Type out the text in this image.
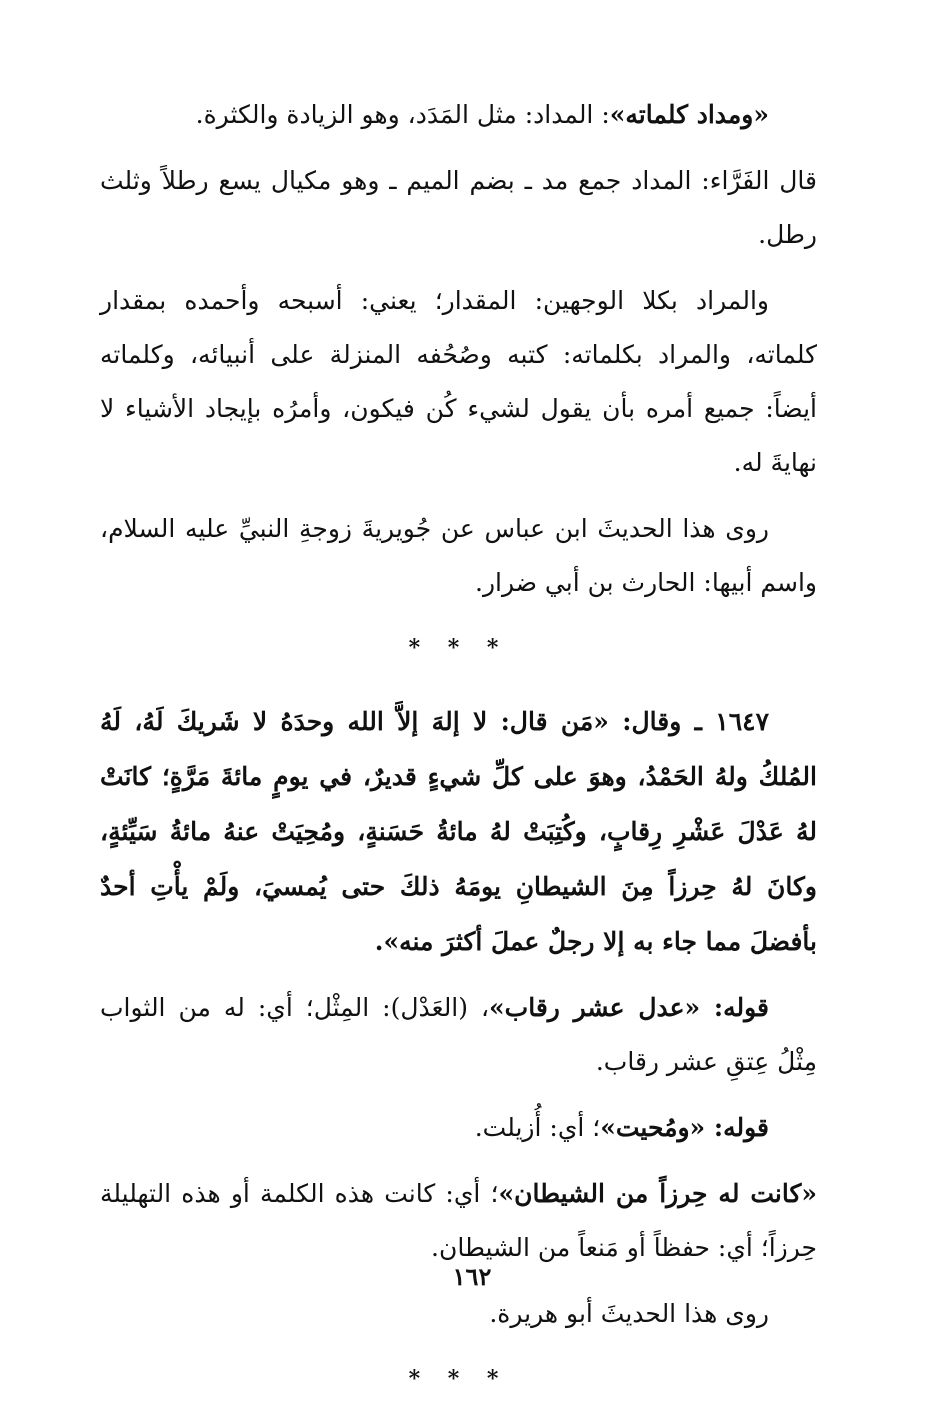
«ومداد كلماته»: المداد: مثل المَدَد، وهو الزيادة والكثرة.

قال الفَرَّاء: المداد جمع مد ـ بضم الميم ـ وهو مكيال يسع رطلاً وثلث رطل.

والمراد بكلا الوجهين: المقدار؛ يعني: أسبحه وأحمده بمقدار كلماته، والمراد بكلماته: كتبه وصُحُفه المنزلة على أنبيائه، وكلماته أيضاً: جميع أمره بأن يقول لشيء كُن فيكون، وأمرُه بإيجاد الأشياء لا نهايةَ له.

روى هذا الحديثَ ابن عباس عن جُويريةَ زوجةِ النبيِّ عليه السلام، واسم أبيها: الحارث بن أبي ضرار.

* * *

١٦٤٧ ـ وقال: «مَن قال: لا إلهَ إلاَّ الله وحدَهُ لا شَريكَ لَهُ، لَهُ المُلكُ ولهُ الحَمْدُ، وهوَ على كلِّ شيءٍ قديرٌ، في يومٍ مائةَ مَرَّةٍ؛ كانَتْ لهُ عَدْلَ عَشْرِ رِقابٍ، وكُتِبَتْ لهُ مائةُ حَسَنةٍ، ومُحِيَتْ عنهُ مائةُ سَيِّئةٍ، وكانَ لهُ حِرزاً مِنَ الشيطانِ يومَهُ ذلكَ حتى يُمسيَ، ولَمْ يأْتِ أحدٌ بأفضلَ مما جاء به إلا رجلٌ عملَ أكثرَ منه».

قوله: «عدل عشر رقاب»، (العَدْل): المِثْل؛ أي: له من الثواب مِثْلُ عِتقِ عشر رقاب.

قوله: «ومُحيت»؛ أي: أُزيلت.

«كانت له حِرزاً من الشيطان»؛ أي: كانت هذه الكلمة أو هذه التهليلة حِرزاً؛ أي: حفظاً أو مَنعاً من الشيطان.

روى هذا الحديثَ أبو هريرة.

* * *
١٦٢
